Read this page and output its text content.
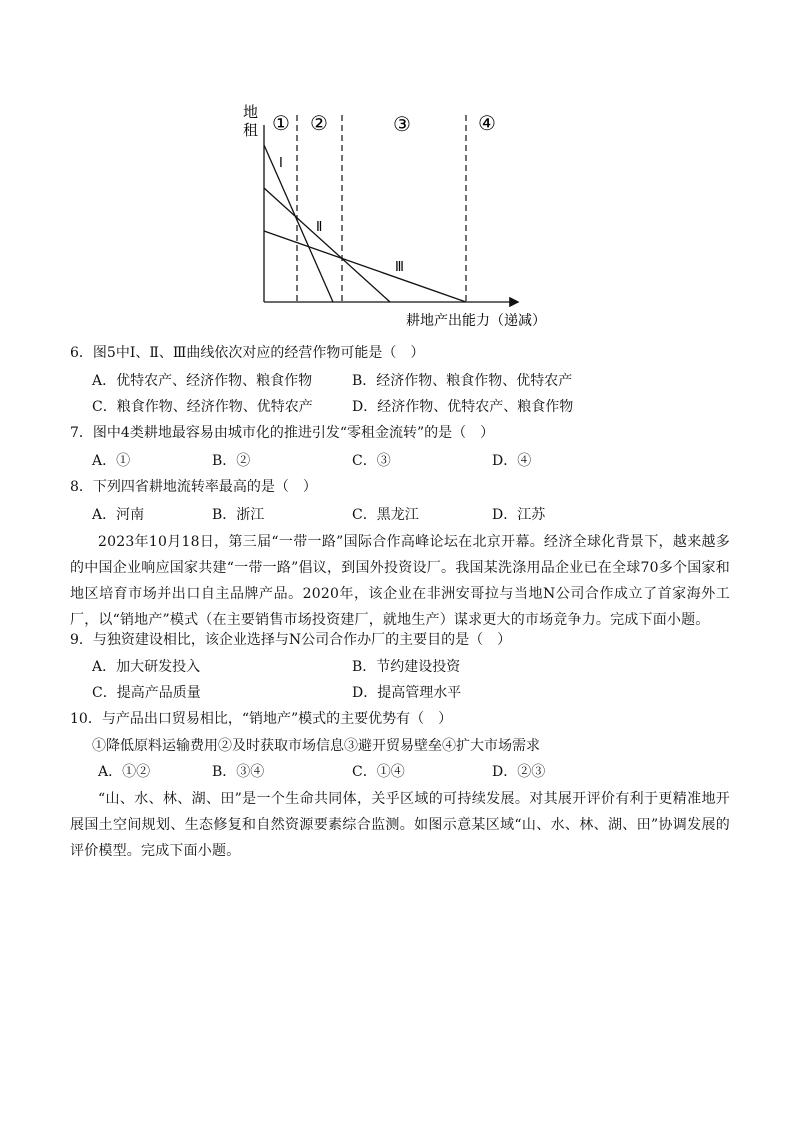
地
租 ① ②	③	④
I
Ⅱ
Ⅲ
耕地产出能力（递减）
6．图5中I、Ⅱ、Ⅲ曲线依次对应的经营作物可能是（　）
A．优特农产、经济作物、粮食作物	B．经济作物、粮食作物、优特农产
C．粮食作物、经济作物、优特农产	D．经济作物、优特农产、粮食作物
7．图中4类耕地最容易由城市化的推进引发“零租金流转”的是（　）
A．①	B．②	C．③	D．④
8．下列四省耕地流转率最高的是（　）
A．河南	B．浙江	C．黑龙江	D．江苏
2023年10月18日，第三届“一带一路”国际合作高峰论坛在北京开幕。经济全球化背景下，越来越多的中国企业响应国家共建“一带一路”倡议，到国外投资设厂。我国某洗涤用品企业已在全球70多个国家和地区培育市场并出口自主品牌产品。2020年，该企业在非洲安哥拉与当地N公司合作成立了首家海外工厂，以“销地产”模式（在主要销售市场投资建厂，就地生产）谋求更大的市场竞争力。完成下面小题。
9．与独资建设相比，该企业选择与N公司合作办厂的主要目的是（　）
A．加大研发投入	B．节约建设投资
C．提高产品质量	D．提高管理水平
10．与产品出口贸易相比，“销地产”模式的主要优势有（　）
①降低原料运输费用②及时获取市场信息③避开贸易壁垒④扩大市场需求
A．①②	B．③④	C．①④	D．②③
“山、水、林、湖、田”是一个生命共同体，关乎区域的可持续发展。对其展开评价有利于更精准地开展国土空间规划、生态修复和自然资源要素综合监测。如图示意某区域“山、水、林、湖、田”协调发展的评价模型。完成下面小题。
